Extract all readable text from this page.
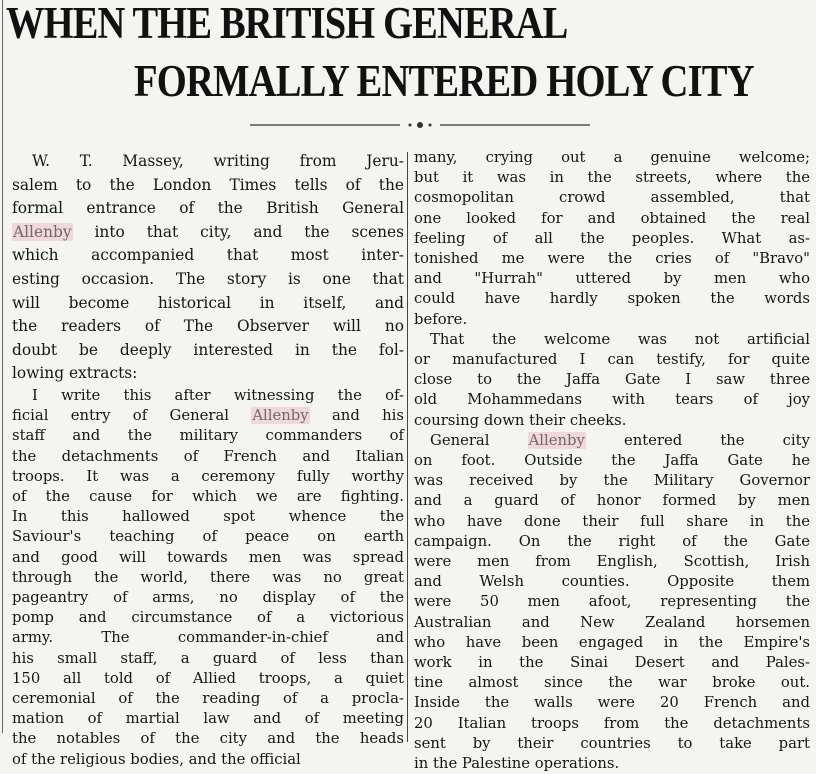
WHEN THE BRITISH GENERAL
FORMALLY ENTERED HOLY CITY

W. T. Massey, writing from Jeru-
salem to the London Times tells of the
formal entrance of the British General
Allenby into that city, and the scenes
which accompanied that most inter-
esting occasion. The story is one that
will become historical in itself, and
the readers of The Observer will no
doubt be deeply interested in the fol-
lowing extracts:

I write this after witnessing the of-
ficial entry of General Allenby and his
staff and the military commanders of
the detachments of French and Italian
troops. It was a ceremony fully worthy
of the cause for which we are fighting.
In this hallowed spot whence the
Saviour's teaching of peace on earth
and good will towards men was spread
through the world, there was no great
pageantry of arms, no display of the
pomp and circumstance of a victorious
army. The commander-in-chief and
his small staff, a guard of less than
150 all told of Allied troops, a quiet
ceremonial of the reading of a procla-
mation of martial law and of meeting
the notables of the city and the heads
of the religious bodies, and the official

many, crying out a genuine welcome;
but it was in the streets, where the
cosmopolitan crowd assembled, that
one looked for and obtained the real
feeling of all the peoples. What as-
tonished me were the cries of "Bravo"
and "Hurrah" uttered by men who
could have hardly spoken the words
before.

That the welcome was not artificial
or manufactured I can testify, for quite
close to the Jaffa Gate I saw three
old Mohammedans with tears of joy
coursing down their cheeks.

General Allenby	entered the city
on foot. Outside the Jaffa Gate he
was received by the Military Governor
and a guard of honor formed by men
who have done their full share in the
campaign. On the right of the Gate
were men from English, Scottish, Irish
and Welsh counties. Opposite them
were 50 men afoot, representing the
Australian and New Zealand horsemen
who have been engaged in the Empire's
work in the Sinai Desert and Pales-
tine almost since the war broke out.
Inside the walls were 20 French and
20 Italian troops from the detachments
sent by their countries to take part
in the Palestine operations.
